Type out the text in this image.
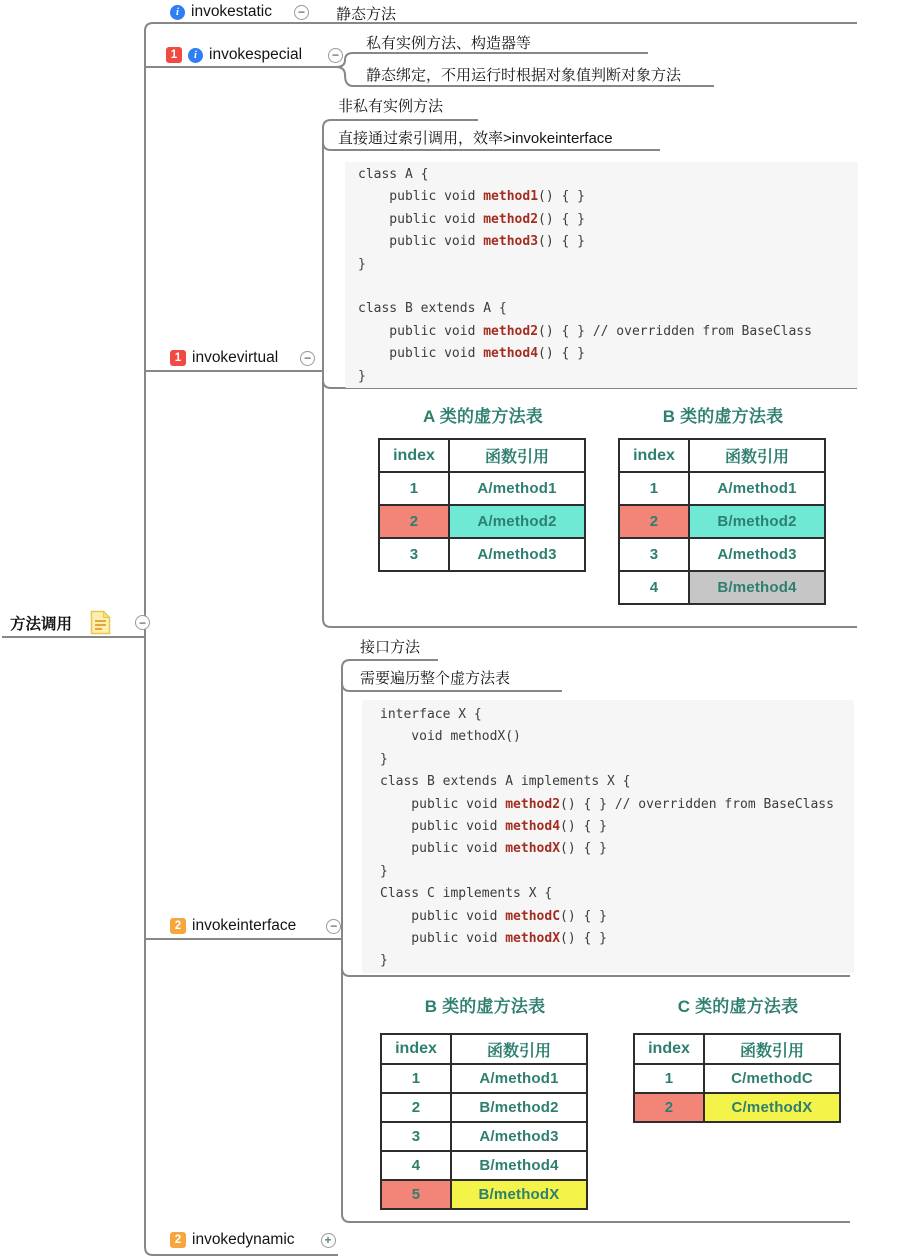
方法调用	−
i invokestatic	− 静态方法
1	i invokespecial	−
私有实例方法、构造器等
静态绑定，不用运行时根据对象值判断对象方法
1 invokevirtual	−
非私有实例方法
直接通过索引调用，效率>invokeinterface
class A {
public void method1() { }
public void method2() { }
public void method3() { }
}
class B extends A {
public void method2() { } // overridden from BaseClass
public void method4() { }
}
A 类的虚方法表
index	函数引用
1	A/method1
2	A/method2
3	A/method3
B 类的虚方法表
index	函数引用
1	A/method1
2	B/method2
3	A/method3
4	B/method4
2 invokeinterface	−
接口方法
需要遍历整个虚方法表
interface X {
void methodX()
}
class B extends A implements X {
public void method2() { } // overridden from BaseClass
public void method4() { }
public void methodX() { }
}
Class C implements X {
public void methodC() { }
public void methodX() { }
}
B 类的虚方法表
index	函数引用
1	A/method1
2	B/method2
3	A/method3
4	B/method4
5	B/methodX
C 类的虚方法表
index	函数引用
1	C/methodC
2	C/methodX
2 invokedynamic	+
